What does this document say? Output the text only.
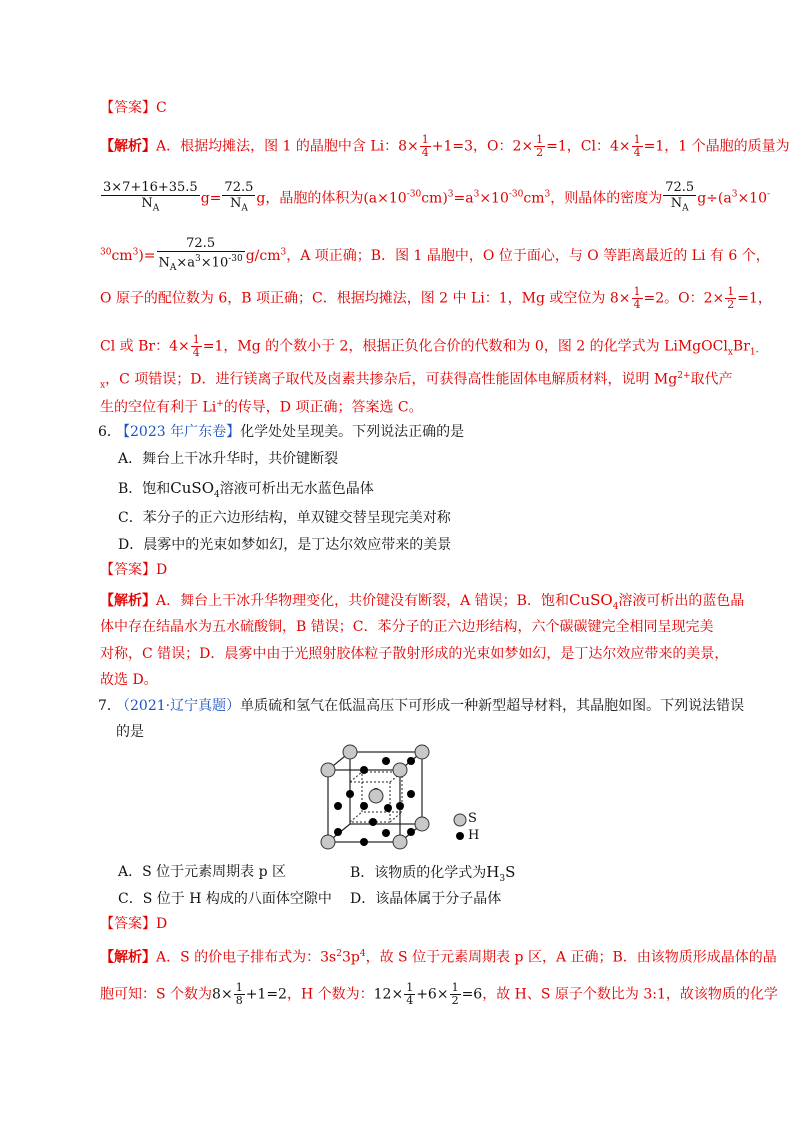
【答案】C
【解析】A．根据均摊法，图 1 的晶胞中含 Li：$8\times \frac{1}{4} +1=3$，O：$2\times \frac{1}{2} =1$，Cl：$4\times \frac{1}{4} =1$，1 个晶胞的质量为
$\frac{3\times 7+16+35.5}{N_A} g= \frac{72.5}{N_A}$ g，晶胞的体积为$(a\times 10^{-30}cm)^3=a^3\times 10^{-30}cm^3$，则晶体的密度为 $\frac{72.5}{N_A} g\div(a^3\times 10^-$
$^{30}cm^3)= \frac{72.5}{N_A\times a^3\times 10^{-30}} g/cm^3$，A 项正确；B．图 1 晶胞中，O 位于面心，与 O 等距离最近的 Li 有 6 个，
O 原子的配位数为 6，B 项正确；C．根据均摊法，图 2 中 Li：1，Mg 或空位为 $8\times \frac{1}{4} =2$。O：$2\times \frac{1}{2} =1$，
Cl 或 Br：$4\times \frac{1}{4} =1$，Mg 的个数小于 2，根据正负化合价的代数和为 0，图 2 的化学式为 $LiMgOCl_xBr_{1-}$
$_x$，C 项错误；D．进行镁离子取代及卤素共掺杂后，可获得高性能固体电解质材料，说明 $Mg^{2+}$取代产
生的空位有利于 Li+的传导，D 项正确；答案选 C。
6．【2023 年广东卷】化学处处呈现美。下列说法正确的是
A．舞台上干冰升华时，共价键断裂
B．饱和CuSO$_4$溶液可析出无水蓝色晶体
C．苯分子的正六边形结构，单双键交替呈现完美对称
D．晨雾中的光束如梦如幻，是丁达尔效应带来的美景
【答案】D
【解析】A．舞台上干冰升华物理变化，共价键没有断裂，A 错误；B．饱和CuSO$_4$溶液可析出的蓝色晶
体中存在结晶水为五水硫酸铜，B 错误；C．苯分子的正六边形结构，六个碳碳键完全相同呈现完美
对称，C 错误；D．晨雾中由于光照射胶体粒子散射形成的光束如梦如幻，是丁达尔效应带来的美景，
故选 D。
7．（2021·辽宁真题）单质硫和氢气在低温高压下可形成一种新型超导材料，其晶胞如图。下列说法错误
的是
S
H
A．S 位于元素周期表 p 区	B．该物质的化学式为$H_3S$
C．S 位于 H 构成的八面体空隙中 D．该晶体属于分子晶体
【答案】D
【解析】A．S 的价电子排布式为：$3s^23p^4$，故 S 位于元素周期表 p 区，A 正确；B．由该物质形成晶体的晶
胞可知：S 个数为$8\times \frac{1}{8} +1=2$，H 个数为：$12\times \frac{1}{4} +6\times \frac{1}{2} =6$，故 H、S 原子个数比为 3:1，故该物质的化学
